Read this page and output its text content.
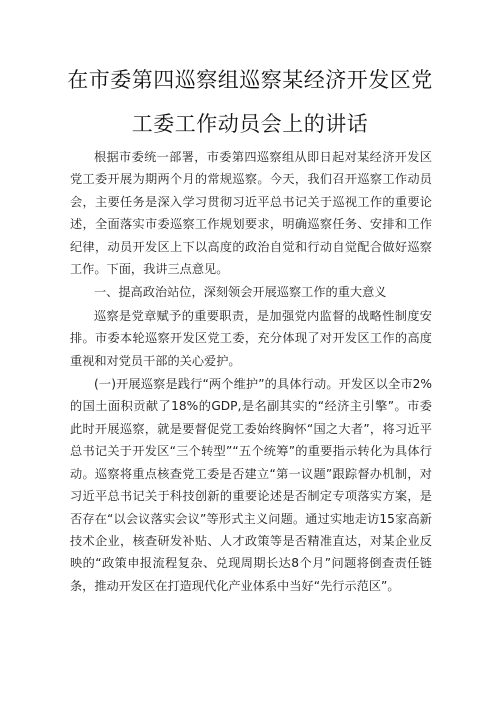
在市委第四巡察组巡察某经济开发区党
工委工作动员会上的讲话

根据市委统一部署，市委第四巡察组从即日起对某经济开发区党工委开展为期两个月的常规巡察。今天，我们召开巡察工作动员会，主要任务是深入学习贯彻习近平总书记关于巡视工作的重要论述，全面落实市委巡察工作规划要求，明确巡察任务、安排和工作纪律，动员开发区上下以高度的政治自觉和行动自觉配合做好巡察工作。下面，我讲三点意见。

一、提高政治站位，深刻领会开展巡察工作的重大意义

巡察是党章赋予的重要职责，是加强党内监督的战略性制度安排。市委本轮巡察开发区党工委，充分体现了对开发区工作的高度重视和对党员干部的关心爱护。

(一)开展巡察是践行“两个维护”的具体行动。开发区以全市2%的国土面积贡献了18%的GDP,是名副其实的“经济主引擎”。市委此时开展巡察，就是要督促党工委始终胸怀“国之大者”，将习近平总书记关于开发区“三个转型”“五个统筹”的重要指示转化为具体行动。巡察将重点核查党工委是否建立“第一议题”跟踪督办机制，对习近平总书记关于科技创新的重要论述是否制定专项落实方案，是否存在“以会议落实会议”等形式主义问题。通过实地走访15家高新技术企业，核查研发补贴、人才政策等是否精准直达，对某企业反映的“政策申报流程复杂、兑现周期长达8个月”问题将倒查责任链条，推动开发区在打造现代化产业体系中当好“先行示范区”。
